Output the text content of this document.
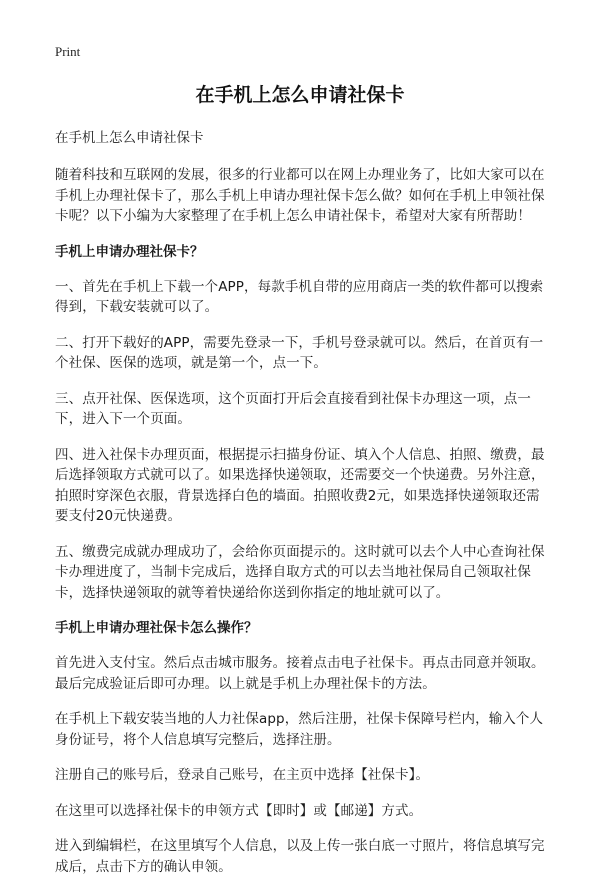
Print
在手机上怎么申请社保卡
在手机上怎么申请社保卡

随着科技和互联网的发展，很多的行业都可以在网上办理业务了，比如大家可以在手机上办理社保卡了，那么手机上申请办理社保卡怎么做？如何在手机上申领社保卡呢？以下小编为大家整理了在手机上怎么申请社保卡，希望对大家有所帮助！

手机上申请办理社保卡？

一、首先在手机上下载一个APP，每款手机自带的应用商店一类的软件都可以搜索得到，下载安装就可以了。

二、打开下载好的APP，需要先登录一下，手机号登录就可以。然后，在首页有一个社保、医保的选项，就是第一个，点一下。

三、点开社保、医保选项，这个页面打开后会直接看到社保卡办理这一项，点一下，进入下一个页面。

四、进入社保卡办理页面，根据提示扫描身份证、填入个人信息、拍照、缴费，最后选择领取方式就可以了。如果选择快递领取，还需要交一个快递费。另外注意，拍照时穿深色衣服，背景选择白色的墙面。拍照收费2元，如果选择快递领取还需要支付20元快递费。

五、缴费完成就办理成功了，会给你页面提示的。这时就可以去个人中心查询社保卡办理进度了，当制卡完成后，选择自取方式的可以去当地社保局自己领取社保卡，选择快递领取的就等着快递给你送到你指定的地址就可以了。

手机上申请办理社保卡怎么操作？

首先进入支付宝。然后点击城市服务。接着点击电子社保卡。再点击同意并领取。最后完成验证后即可办理。以上就是手机上办理社保卡的方法。

在手机上下载安装当地的人力社保app，然后注册，社保卡保障号栏内，输入个人身份证号，将个人信息填写完整后，选择注册。

注册自己的账号后，登录自己账号，在主页中选择【社保卡】。

在这里可以选择社保卡的申领方式【即时】或【邮递】方式。

进入到编辑栏，在这里填写个人信息，以及上传一张白底一寸照片，将信息填写完成后，点击下方的确认申领。
